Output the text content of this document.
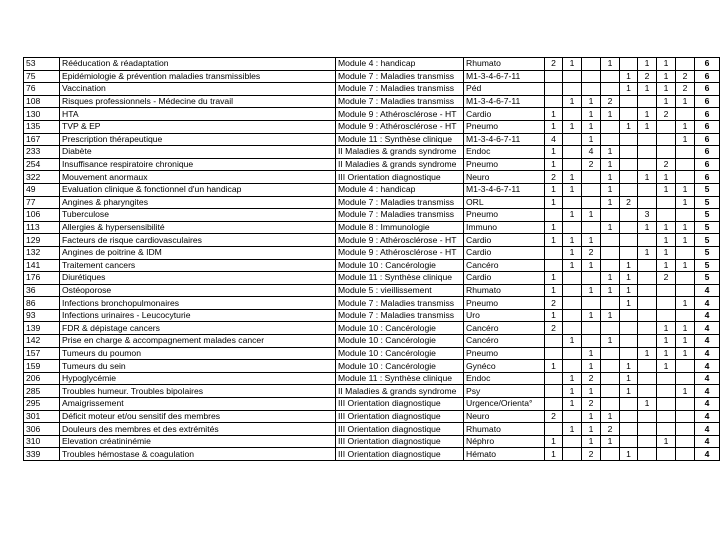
53	Rééducation & réadaptation	Module 4 : handicap	Rhumato	2	1		1		1	1		6
75	Epidémiologie & prévention maladies transmissibles	Module 7 : Maladies transmiss	M1-3-4-6-7-11					1	2	1	2	6
76	Vaccination	Module 7 : Maladies transmiss	Péd					1	1	1	2	6
108	Risques professionnels - Médecine du travail	Module 7 : Maladies transmiss	M1-3-4-6-7-11		1	1	2			1	1	6
130	HTA	Module 9 : Athérosclérose - HT	Cardio	1		1	1		1	2		6
135	TVP & EP	Module 9 : Athérosclérose - HT	Pneumo	1	1	1		1	1		1	6
167	Prescription thérapeutique	Module 11 : Synthèse clinique	M1-3-4-6-7-11	4		1					1	6
233	Diabète	II Maladies & grands syndrome	Endoc	1		4	1					6
254	Insuffisance respiratoire chronique	II Maladies & grands syndrome	Pneumo	1		2	1			2		6
322	Mouvement anormaux	III Orientation diagnostique	Neuro	2	1		1		1	1		6
49	Evaluation clinique & fonctionnel d'un handicap	Module 4 : handicap	M1-3-4-6-7-11	1	1		1			1	1	5
77	Angines & pharyngites	Module 7 : Maladies transmiss	ORL	1			1	2			1	5
106	Tuberculose	Module 7 : Maladies transmiss	Pneumo		1	1			3			5
113	Allergies & hypersensibilité	Module 8 : Immunologie	Immuno	1			1		1	1	1	5
129	Facteurs de risque cardiovasculaires	Module 9 : Athérosclérose - HT	Cardio	1	1	1				1	1	5
132	Angines de poitrine & IDM	Module 9 : Athérosclérose - HT	Cardio		1	2			1	1		5
141	Traitement cancers	Module 10 : Cancérologie	Cancéro		1	1		1		1	1	5
176	Diurétiques	Module 11 : Synthèse clinique	Cardio	1			1	1		2		5
36	Ostéoporose	Module 5 : vieillissement	Rhumato	1		1	1	1				4
86	Infections bronchopulmonaires	Module 7 : Maladies transmiss	Pneumo	2				1			1	4
93	Infections urinaires - Leucocyturie	Module 7 : Maladies transmiss	Uro	1		1	1					4
139	FDR & dépistage cancers	Module 10 : Cancérologie	Cancéro	2						1	1	4
142	Prise en charge & accompagnement malades cancer	Module 10 : Cancérologie	Cancéro		1		1			1	1	4
157	Tumeurs du poumon	Module 10 : Cancérologie	Pneumo			1			1	1	1	4
159	Tumeurs du sein	Module 10 : Cancérologie	Gynéco	1		1		1		1		4
206	Hypoglycémie	Module 11 : Synthèse clinique	Endoc		1	2		1				4
285	Troubles humeur. Troubles bipolaires	II Maladies & grands syndrome	Psy		1	1		1			1	4
295	Amaigrissement	III Orientation diagnostique	Urgence/Orienta°		1	2			1			4
301	Déficit moteur et/ou sensitif des membres	III Orientation diagnostique	Neuro	2		1	1					4
306	Douleurs des membres et des extrémités	III Orientation diagnostique	Rhumato		1	1	2					4
310	Elevation créatininémie	III Orientation diagnostique	Néphro	1		1	1			1		4
339	Troubles hémostase & coagulation	III Orientation diagnostique	Hémato	1		2		1				4
